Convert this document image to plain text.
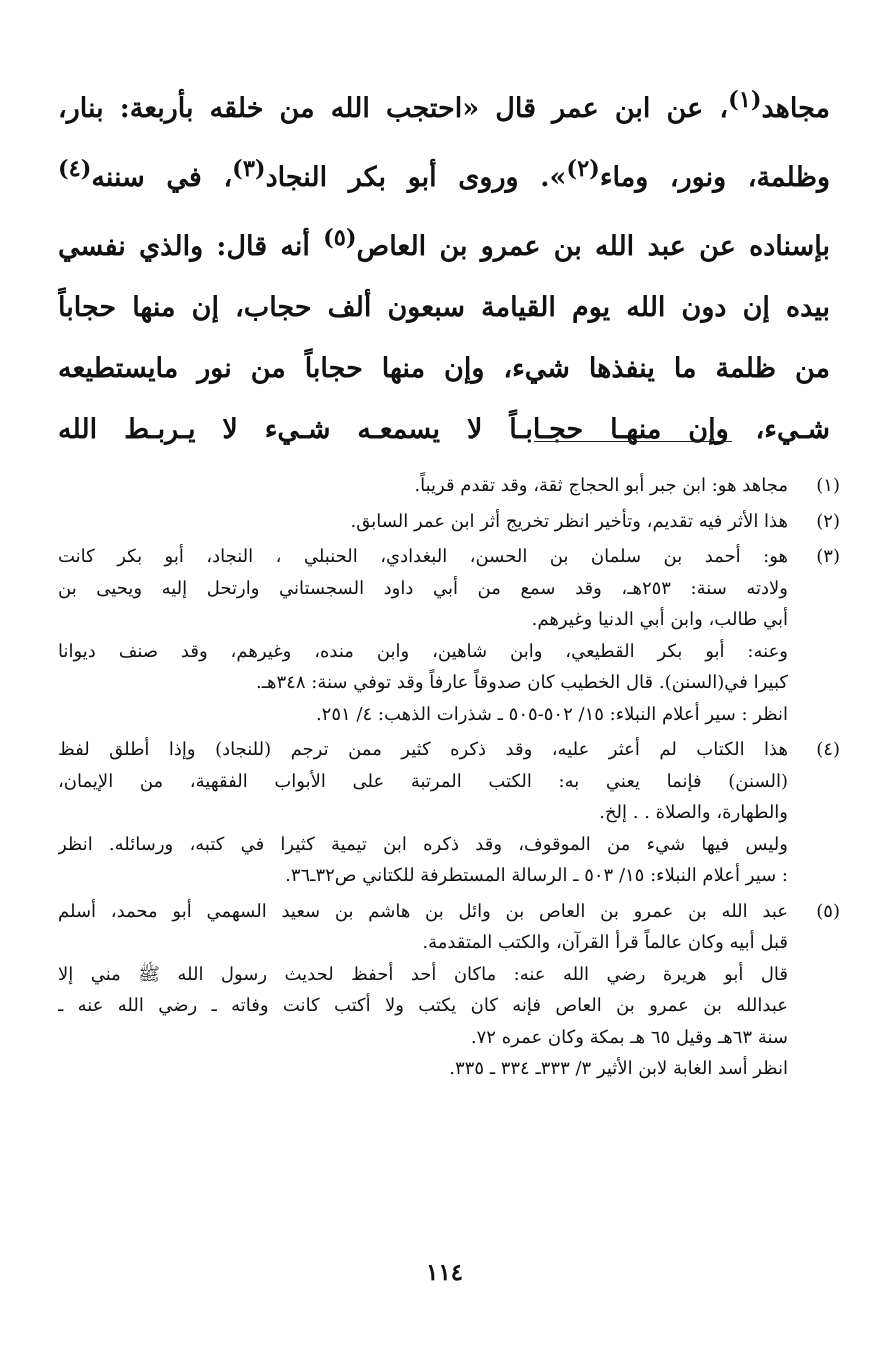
مجاهد$^{(١)}$، عن ابن عمر قال «احتجب الله من خلقه بأربعة: بنار،
وظلمة، ونور، وماء$^{(٢)}$». وروى أبو بكر النجاد$^{(٣)}$، في سننه$^{(٤)}$
بإسناده عن عبد الله بن عمرو بن العاص$^{(٥)}$ أنه قال: والذي نفسي
بيده إن دون الله يوم القيامة سبعون ألف حجاب، إن منها حجاباً
من ظلمة ما ينفذها شيء، وإن منها حجاباً من نور مايستطيعه
شـيء، وإن منهـا حجـابـاً لا يسمعـه شـيء لا يـربـط الله
(١)
مجاهد هو: ابن جبر أبو الحجاج ثقة، وقد تقدم قريباً.
(٢)
هذا الأثر فيه تقديم، وتأخير انظر تخريج أثر ابن عمر السابق.
(٣)
هو: أحمد بن سلمان بن الحسن، البغدادي، الحنبلي ، النجاد، أبو بكر كانت
ولادته سنة: ٢٥٣هـ، وقد سمع من أبي داود السجستاني وارتحل إليه ويحيى بن
أبي طالب، وابن أبي الدنيا وغيرهم.
وعنه: أبو بكر القطيعي، وابن شاهين، وابن منده، وغيرهم، وقد صنف ديوانا
كبيرا في(السنن). قال الخطيب كان صدوقاً عارفاً وقد توفي سنة: ٣٤٨هـ.
انظر : سير أعلام النبلاء: ١٥/ ٥٠٢-٥٠٥ ـ شذرات الذهب: ٤/ ٢٥١.
(٤)
هذا الكتاب لم أعثر عليه، وقد ذكره كثير ممن ترجم (للنجاد) وإذا أطلق لفظ
(السنن) فإنما يعني به: الكتب المرتبة على الأبواب الفقهية، من الإيمان،
والطهارة، والصلاة . . إلخ.
وليس فيها شيء من الموقوف، وقد ذكره ابن تيمية كثيرا في كتبه، ورسائله. انظر
: سير أعلام النبلاء: ١٥/ ٥٠٣ ـ الرسالة المستطرفة للكتاني ص٣٢ـ٣٦.
(٥)
عبد الله بن عمرو بن العاص بن وائل بن هاشم بن سعيد السهمي أبو محمد، أسلم
قبل أبيه وكان عالماً قرأ القرآن، والكتب المتقدمة.
قال أبو هريرة رضي الله عنه: ماكان أحد أحفظ لحديث رسول الله ﷺ مني إلا
عبدالله بن عمرو بن العاص فإنه كان يكتب ولا أكتب كانت وفاته ـ رضي الله عنه ـ
سنة ٦٣هـ وقيل ٦٥ هـ بمكة وكان عمره ٧٢.
انظر أسد الغابة لابن الأثير ٣/ ٣٣٣ـ ٣٣٤ ـ ٣٣٥.
١١٤
